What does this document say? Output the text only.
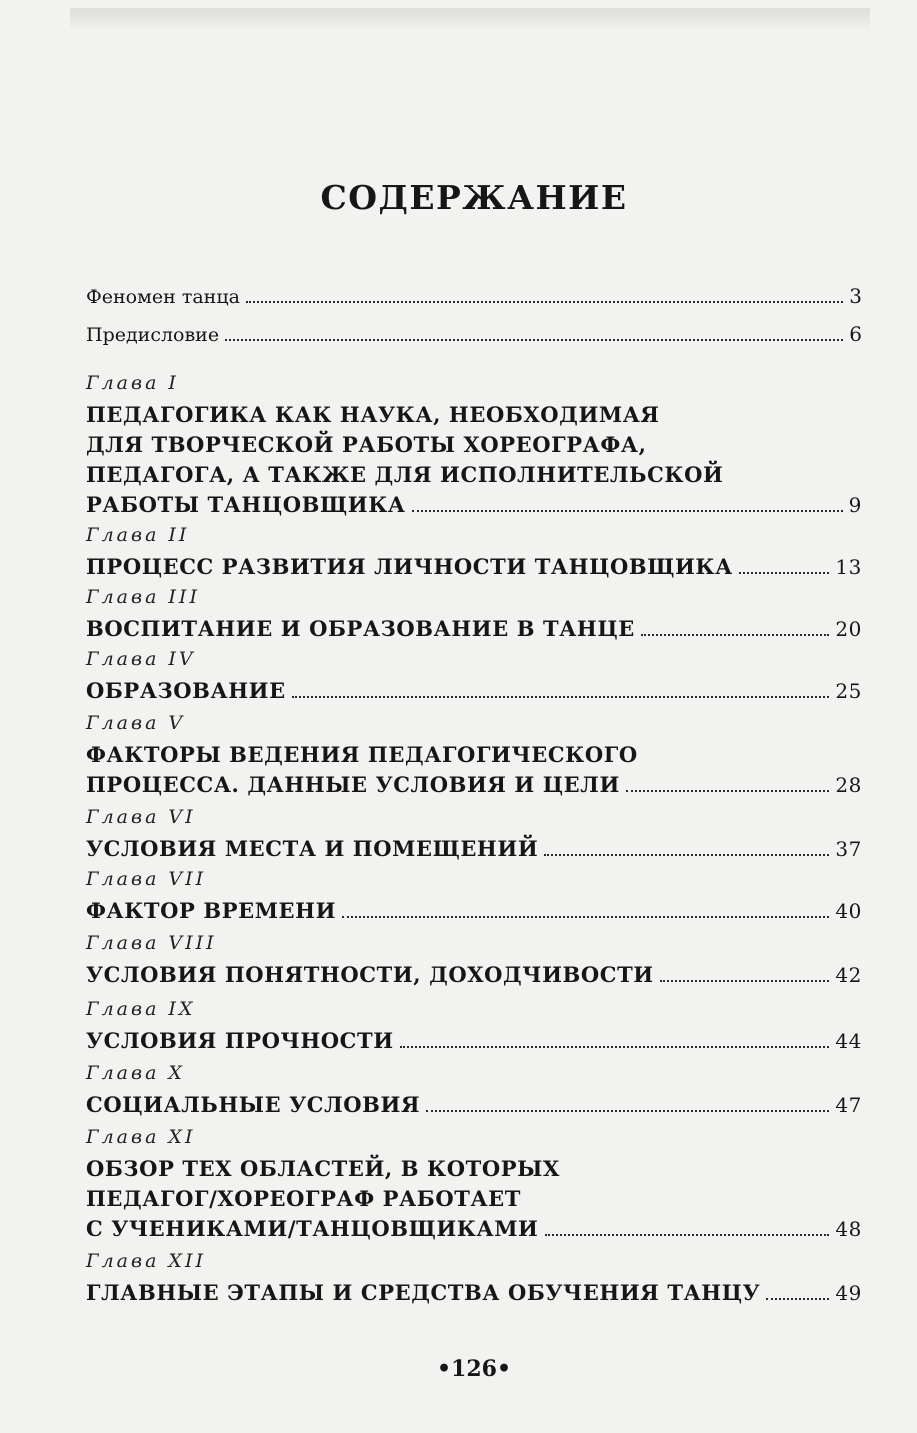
СОДЕРЖАНИЕ
Феномен танца	3
Предисловие	6
Глава I
ПЕДАГОГИКА КАК НАУКА, НЕОБХОДИМАЯ
ДЛЯ ТВОРЧЕСКОЙ РАБОТЫ ХОРЕОГРАФА,
ПЕДАГОГА, А ТАКЖЕ ДЛЯ ИСПОЛНИТЕЛЬСКОЙ
РАБОТЫ ТАНЦОВЩИКА	9
Глава II
ПРОЦЕСС РАЗВИТИЯ ЛИЧНОСТИ ТАНЦОВЩИКА	13
Глава III
ВОСПИТАНИЕ И ОБРАЗОВАНИЕ В ТАНЦЕ	20
Глава IV
ОБРАЗОВАНИЕ	25
Глава V
ФАКТОРЫ ВЕДЕНИЯ ПЕДАГОГИЧЕСКОГО
ПРОЦЕССА. ДАННЫЕ УСЛОВИЯ И ЦЕЛИ	28
Глава VI
УСЛОВИЯ МЕСТА И ПОМЕЩЕНИЙ	37
Глава VII
ФАКТОР ВРЕМЕНИ	40
Глава VIII
УСЛОВИЯ ПОНЯТНОСТИ, ДОХОДЧИВОСТИ	42
Глава IX
УСЛОВИЯ ПРОЧНОСТИ	44
Глава X
СОЦИАЛЬНЫЕ УСЛОВИЯ	47
Глава XI
ОБЗОР ТЕХ ОБЛАСТЕЙ, В КОТОРЫХ
ПЕДАГОГ/ХОРЕОГРАФ РАБОТАЕТ
С УЧЕНИКАМИ/ТАНЦОВЩИКАМИ	48
Глава XII
ГЛАВНЫЕ ЭТАПЫ И СРЕДСТВА ОБУЧЕНИЯ ТАНЦУ	49
•126•
